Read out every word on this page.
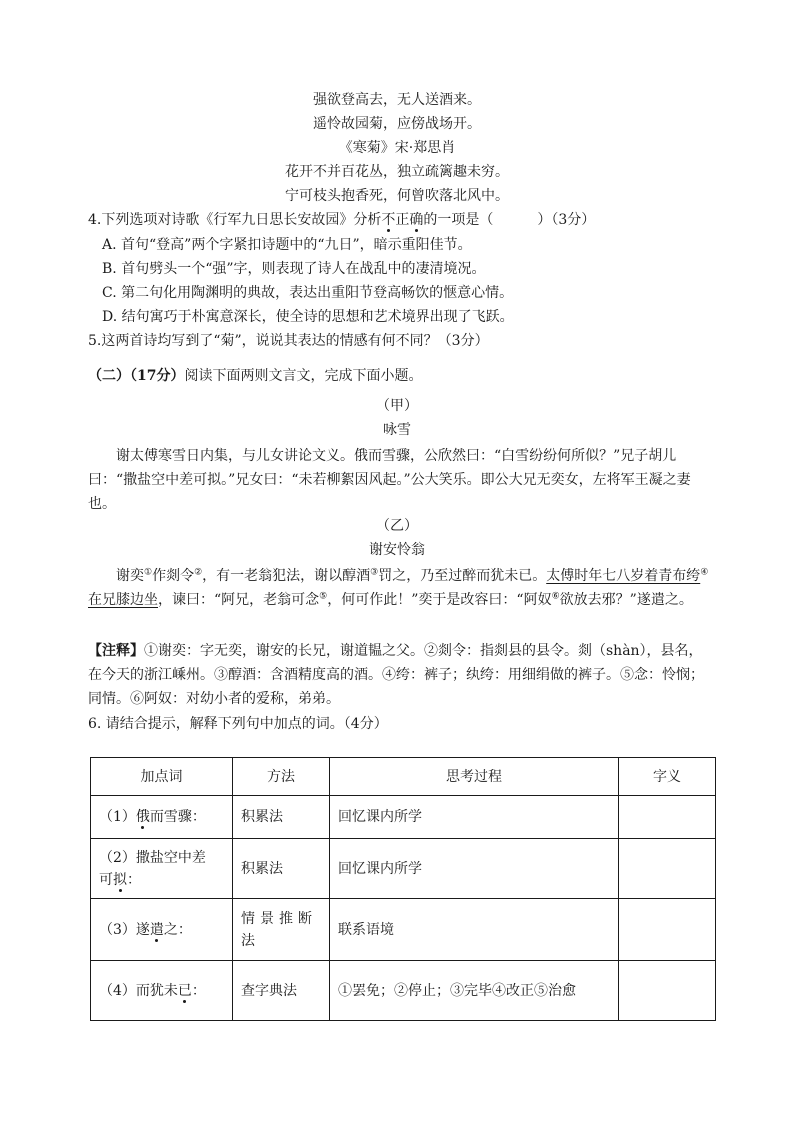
强欲登高去，无人送酒来。
遥怜故园菊，应傍战场开。
《寒菊》宋·郑思肖
花开不并百花丛，独立疏篱趣未穷。
宁可枝头抱香死，何曾吹落北风中。
4.下列选项对诗歌《行军九日思长安故园》分析不正确的一项是（	）（3分）
A. 首句“登高”两个字紧扣诗题中的“九日”，暗示重阳佳节。
B. 首句劈头一个“强”字，则表现了诗人在战乱中的凄清境况。
C. 第二句化用陶渊明的典故，表达出重阳节登高畅饮的惬意心情。
D. 结句寓巧于朴寓意深长，使全诗的思想和艺术境界出现了飞跃。
5.这两首诗均写到了“菊”，说说其表达的情感有何不同？（3分）
（二）（17分）阅读下面两则文言文，完成下面小题。
（甲）
咏雪
谢太傅寒雪日内集，与儿女讲论文义。俄而雪骤，公欣然曰：“白雪纷纷何所似？”兄子胡儿曰：“撒盐空中差可拟。”兄女曰：“未若柳絮因风起。”公大笑乐。即公大兄无奕女，左将军王凝之妻也。
（乙）
谢安怜翁
谢奕①作剡令②，有一老翁犯法，谢以醇酒③罚之，乃至过醉而犹未已。太傅时年七八岁着青布绔④在兄膝边坐，谏曰：“阿兄，老翁可念⑤，何可作此！”奕于是改容曰：“阿奴⑥欲放去邪？”遂遣之。
【注释】①谢奕：字无奕，谢安的长兄，谢道韫之父。②剡令：指剡县的县令。剡（shàn），县名，在今天的浙江嵊州。③醇酒：含酒精度高的酒。④绔：裤子；纨绔：用细绢做的裤子。⑤念：怜悯；同情。⑥阿奴：对幼小者的爱称，弟弟。
6. 请结合提示，解释下列句中加点的词。（4分）
加点词	方法	思考过程	字义
（1）俄而雪骤：	积累法	回忆课内所学	
（2）撒盐空中差
可拟：	积累法	回忆课内所学	
（3）遂遣之：	情景推断法	联系语境	
（4）而犹未已：	查字典法	①罢免；②停止；③完毕④改正⑤治愈	
